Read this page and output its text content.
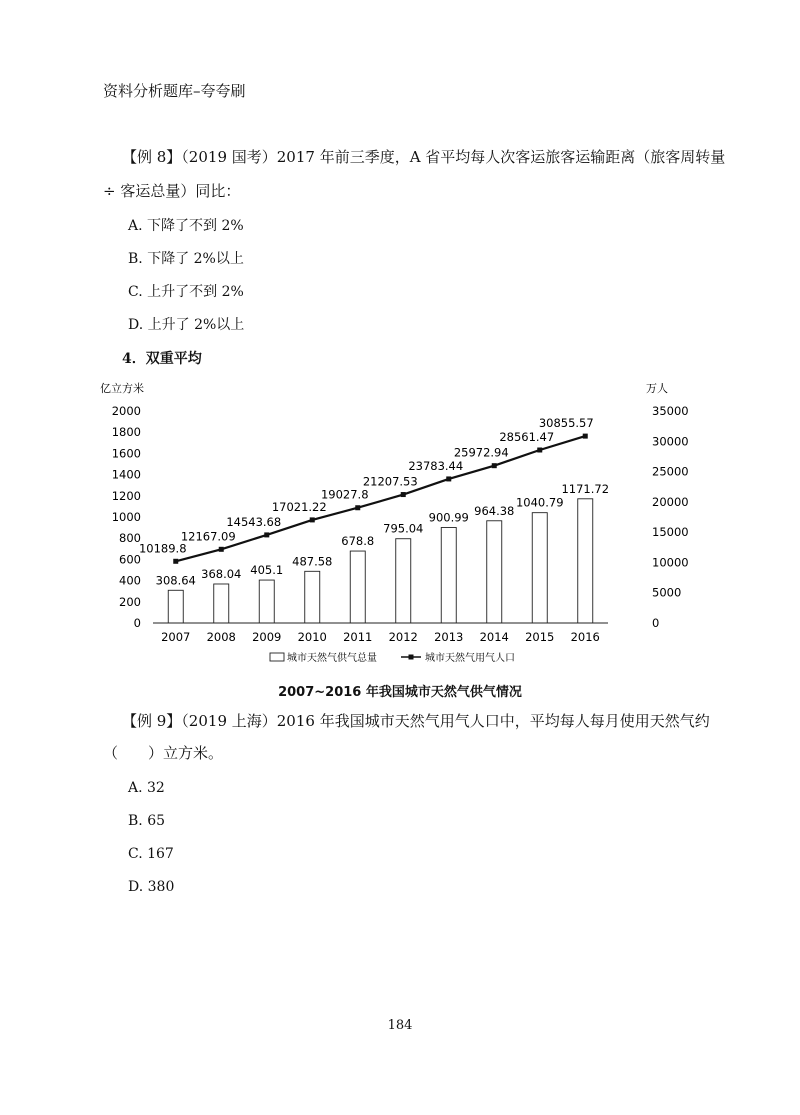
资料分析题库–夸夸刷
【例 8】（2019 国考）2017 年前三季度，A 省平均每人次客运旅客运输距离（旅客周转量
÷ 客运总量）同比：
A. 下降了不到 2%
B. 下降了 2%以上
C. 上升了不到 2%
D. 上升了 2%以上
4．双重平均
亿立方米	万人
0
200
400
600
800
1000
1200
1400
1600
1800
2000
0
5000
10000
15000
20000
25000
30000
35000
308.64 368.04 405.1
487.58
678.8
795.04
900.99 964.38
1040.79
1171.72
10189.8
12167.09
14543.68
17021.22
19027.8
21207.53
23783.44
25972.94
28561.47
30855.57
2007 2008 2009 2010 2011 2012 2013 2014 2015 2016
城市天然气供气总量	城市天然气用气人口
2007~2016 年我国城市天然气供气情况
【例 9】（2019 上海）2016 年我国城市天然气用气人口中，平均每人每月使用天然气约
（　　）立方米。
A. 32
B. 65
C. 167
D. 380
184
